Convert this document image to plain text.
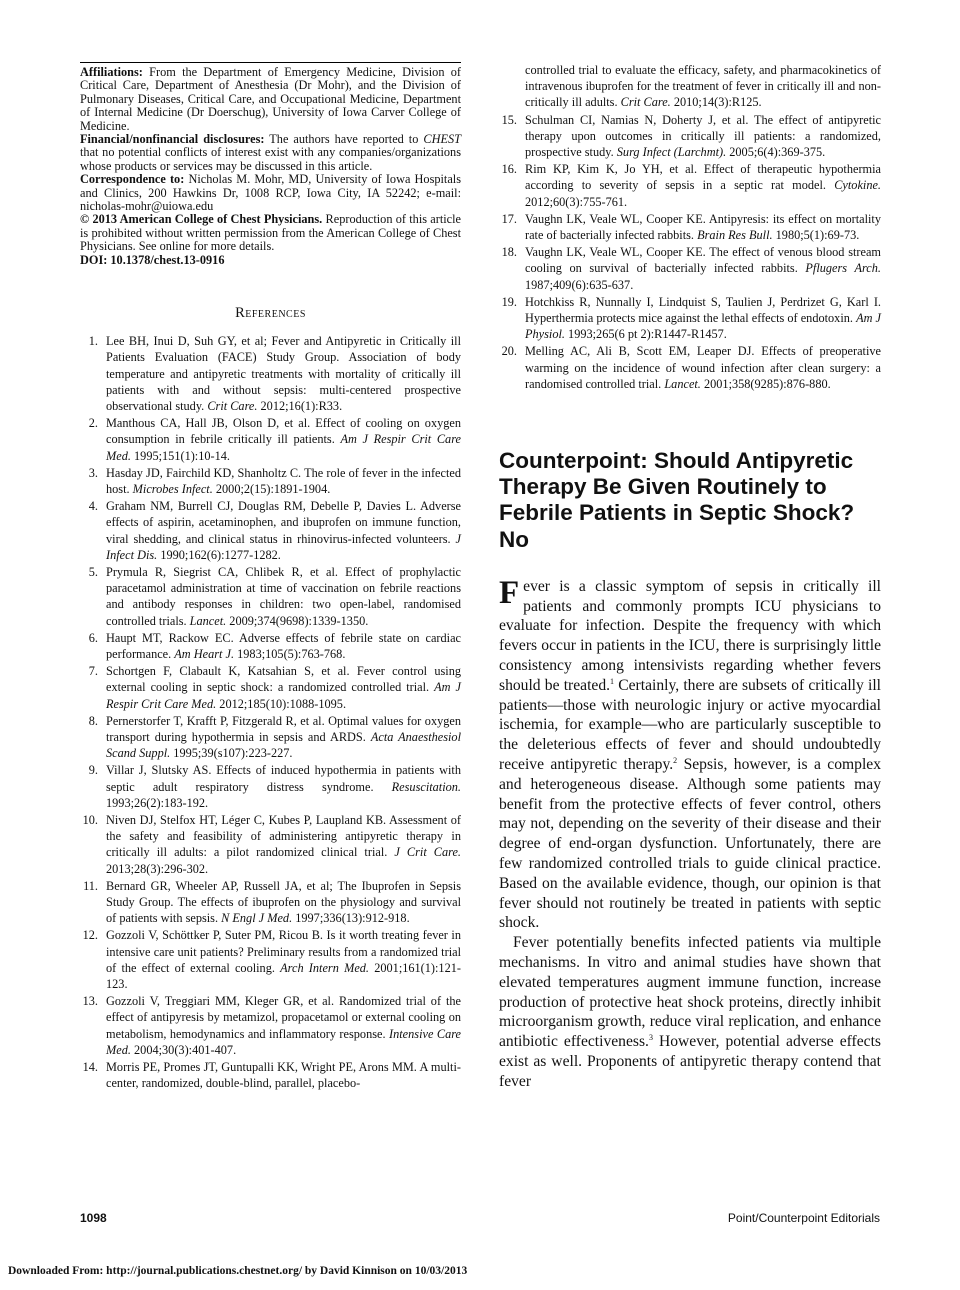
Affiliations: From the Department of Emergency Medicine, Division of Critical Care, Department of Anesthesia (Dr Mohr), and the Division of Pulmonary Diseases, Critical Care, and Occupational Medicine, Department of Internal Medicine (Dr Doerschug), University of Iowa Carver College of Medicine.

Financial/nonfinancial disclosures: The authors have reported to CHEST that no potential conflicts of interest exist with any companies/organizations whose products or services may be discussed in this article.

Correspondence to: Nicholas M. Mohr, MD, University of Iowa Hospitals and Clinics, 200 Hawkins Dr, 1008 RCP, Iowa City, IA 52242; e-mail: nicholas-mohr@uiowa.edu

© 2013 American College of Chest Physicians. Reproduction of this article is prohibited without written permission from the American College of Chest Physicians. See online for more details.

DOI: 10.1378/chest.13-0916

References
1. Lee BH, Inui D, Suh GY, et al; Fever and Antipyretic in Critically ill Patients Evaluation (FACE) Study Group. Association of body temperature and antipyretic treatments with mortality of critically ill patients with and without sepsis: multi-centered prospective observational study. Crit Care. 2012;16(1):R33.
2. Manthous CA, Hall JB, Olson D, et al. Effect of cooling on oxygen consumption in febrile critically ill patients. Am J Respir Crit Care Med. 1995;151(1):10-14.
3. Hasday JD, Fairchild KD, Shanholtz C. The role of fever in the infected host. Microbes Infect. 2000;2(15):1891-1904.
4. Graham NM, Burrell CJ, Douglas RM, Debelle P, Davies L. Adverse effects of aspirin, acetaminophen, and ibuprofen on immune function, viral shedding, and clinical status in rhinovirus-infected volunteers. J Infect Dis. 1990;162(6):1277-1282.
5. Prymula R, Siegrist CA, Chlibek R, et al. Effect of prophylactic paracetamol administration at time of vaccination on febrile reactions and antibody responses in children: two open-label, randomised controlled trials. Lancet. 2009;374(9698):1339-1350.
6. Haupt MT, Rackow EC. Adverse effects of febrile state on cardiac performance. Am Heart J. 1983;105(5):763-768.
7. Schortgen F, Clabault K, Katsahian S, et al. Fever control using external cooling in septic shock: a randomized controlled trial. Am J Respir Crit Care Med. 2012;185(10):1088-1095.
8. Pernerstorfer T, Krafft P, Fitzgerald R, et al. Optimal values for oxygen transport during hypothermia in sepsis and ARDS. Acta Anaesthesiol Scand Suppl. 1995;39(s107):223-227.
9. Villar J, Slutsky AS. Effects of induced hypothermia in patients with septic adult respiratory distress syndrome. Resuscitation. 1993;26(2):183-192.
10. Niven DJ, Stelfox HT, Léger C, Kubes P, Laupland KB. Assessment of the safety and feasibility of administering antipyretic therapy in critically ill adults: a pilot randomized clinical trial. J Crit Care. 2013;28(3):296-302.
11. Bernard GR, Wheeler AP, Russell JA, et al; The Ibuprofen in Sepsis Study Group. The effects of ibuprofen on the physiology and survival of patients with sepsis. N Engl J Med. 1997;336(13):912-918.
12. Gozzoli V, Schöttker P, Suter PM, Ricou B. Is it worth treating fever in intensive care unit patients? Preliminary results from a randomized trial of the effect of external cooling. Arch Intern Med. 2001;161(1):121-123.
13. Gozzoli V, Treggiari MM, Kleger GR, et al. Randomized trial of the effect of antipyresis by metamizol, propacetamol or external cooling on metabolism, hemodynamics and inflammatory response. Intensive Care Med. 2004;30(3):401-407.
14. Morris PE, Promes JT, Guntupalli KK, Wright PE, Arons MM. A multi-center, randomized, double-blind, parallel, placebo-
controlled trial to evaluate the efficacy, safety, and pharmacokinetics of intravenous ibuprofen for the treatment of fever in critically ill and non-critically ill adults. Crit Care. 2010;14(3):R125.
15. Schulman CI, Namias N, Doherty J, et al. The effect of antipyretic therapy upon outcomes in critically ill patients: a randomized, prospective study. Surg Infect (Larchmt). 2005;6(4):369-375.
16. Rim KP, Kim K, Jo YH, et al. Effect of therapeutic hypothermia according to severity of sepsis in a septic rat model. Cytokine. 2012;60(3):755-761.
17. Vaughn LK, Veale WL, Cooper KE. Antipyresis: its effect on mortality rate of bacterially infected rabbits. Brain Res Bull. 1980;5(1):69-73.
18. Vaughn LK, Veale WL, Cooper KE. The effect of venous blood stream cooling on survival of bacterially infected rabbits. Pflugers Arch. 1987;409(6):635-637.
19. Hotchkiss R, Nunnally I, Lindquist S, Taulien J, Perdrizet G, Karl I. Hyperthermia protects mice against the lethal effects of endotoxin. Am J Physiol. 1993;265(6 pt 2):R1447-R1457.
20. Melling AC, Ali B, Scott EM, Leaper DJ. Effects of preoperative warming on the incidence of wound infection after clean surgery: a randomised controlled trial. Lancet. 2001;358(9285):876-880.
Counterpoint: Should Antipyretic Therapy Be Given Routinely to Febrile Patients in Septic Shock? No

Fever is a classic symptom of sepsis in critically ill patients and commonly prompts ICU physicians to evaluate for infection. Despite the frequency with which fevers occur in patients in the ICU, there is surprisingly little consistency among intensivists regarding whether fevers should be treated.$^1$ Certainly, there are subsets of critically ill patients—those with neurologic injury or active myocardial ischemia, for example—who are particularly susceptible to the deleterious effects of fever and should undoubtedly receive antipyretic therapy.$^2$ Sepsis, however, is a complex and heterogeneous disease. Although some patients may benefit from the protective effects of fever control, others may not, depending on the severity of their disease and their degree of end-organ dysfunction. Unfortunately, there are few randomized controlled trials to guide clinical practice. Based on the available evidence, though, our opinion is that fever should not routinely be treated in patients with septic shock.

Fever potentially benefits infected patients via multiple mechanisms. In vitro and animal studies have shown that elevated temperatures augment immune function, increase production of protective heat shock proteins, directly inhibit microorganism growth, reduce viral replication, and enhance antibiotic effectiveness.$^3$ However, potential adverse effects exist as well. Proponents of antipyretic therapy contend that fever

1098	Point/Counterpoint Editorials
Downloaded From: http://journal.publications.chestnet.org/ by David Kinnison on 10/03/2013
